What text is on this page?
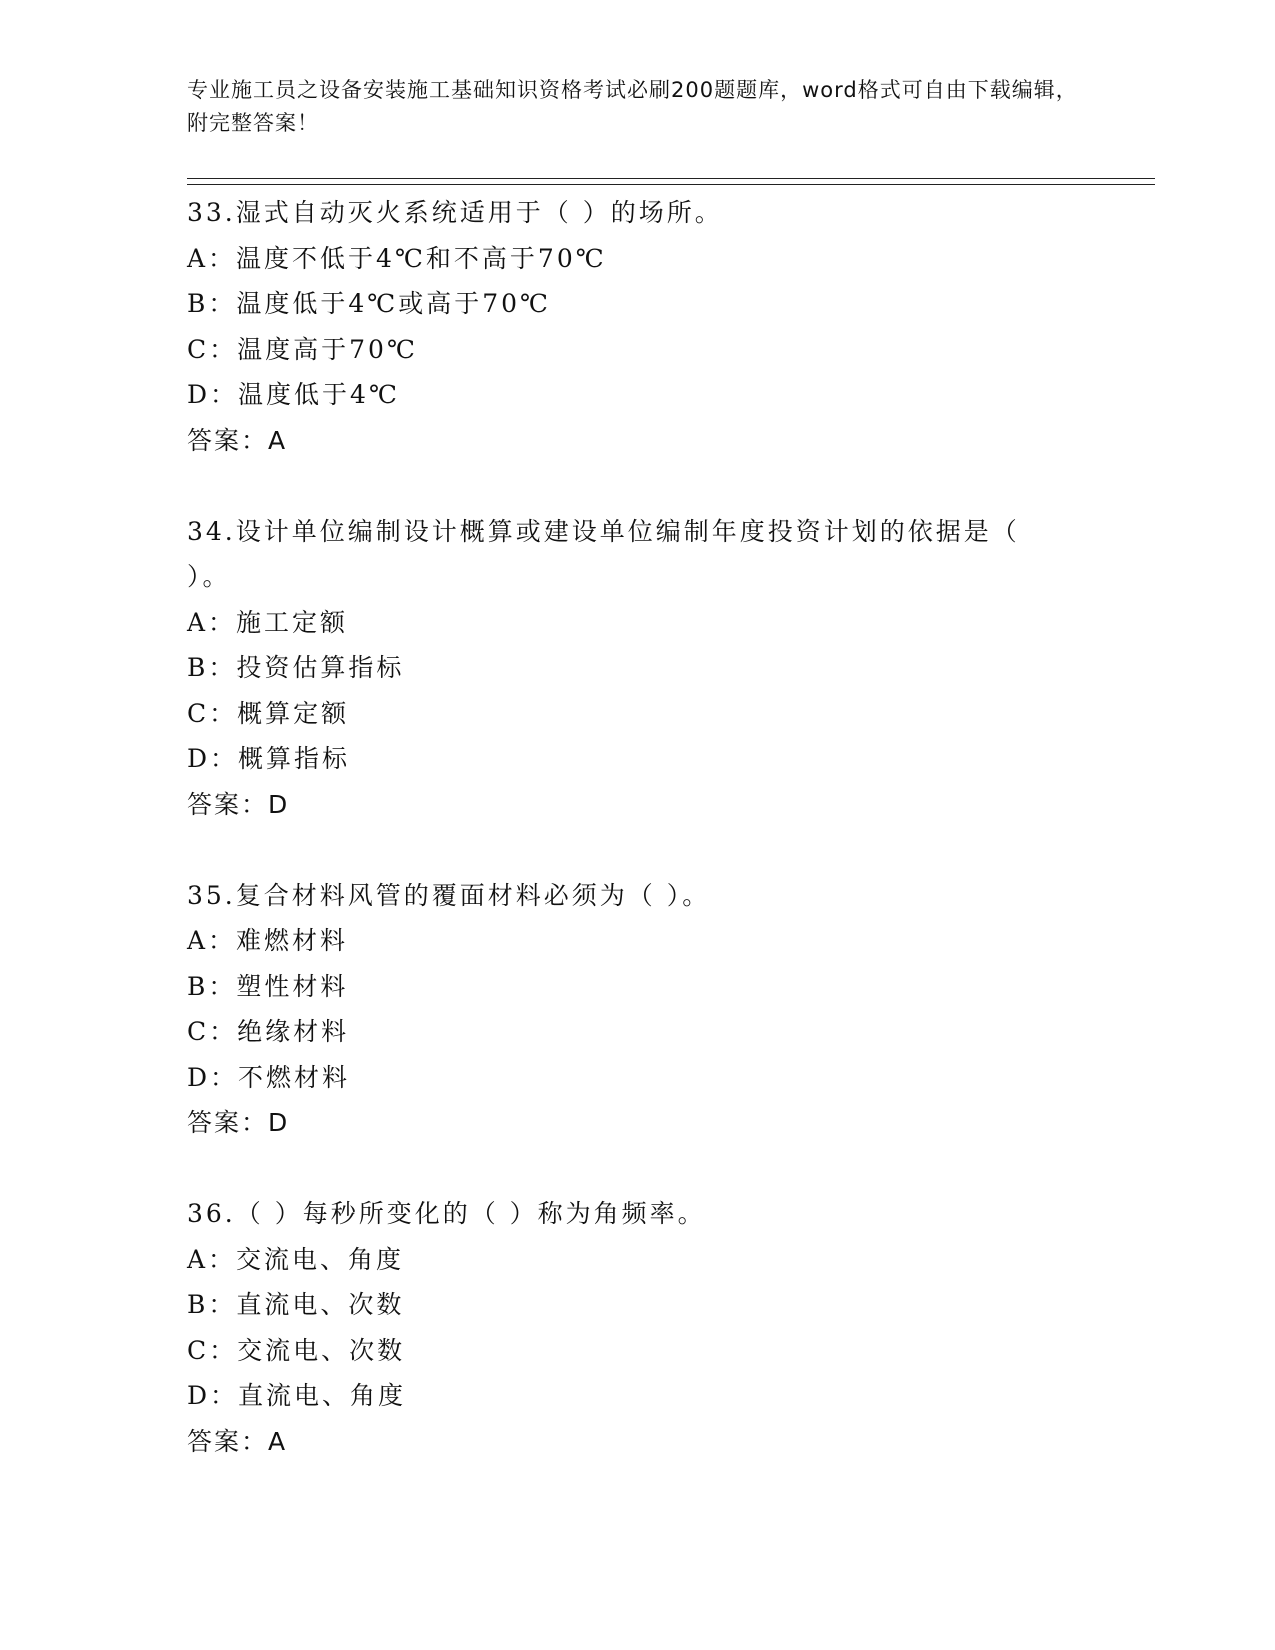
专业施工员之设备安装施工基础知识资格考试必刷200题题库，word格式可自由下载编辑，附完整答案！
33.湿式自动灭火系统适用于（ ）的场所。
A：温度不低于4℃和不高于70℃
B：温度低于4℃或高于70℃
C：温度高于70℃
D：温度低于4℃
答案：A
34.设计单位编制设计概算或建设单位编制年度投资计划的依据是（ ）。
A：施工定额
B：投资估算指标
C：概算定额
D：概算指标
答案：D
35.复合材料风管的覆面材料必须为（ ）。
A：难燃材料
B：塑性材料
C：绝缘材料
D：不燃材料
答案：D
36.（ ）每秒所变化的（ ）称为角频率。
A：交流电、角度
B：直流电、次数
C：交流电、次数
D：直流电、角度
答案：A
